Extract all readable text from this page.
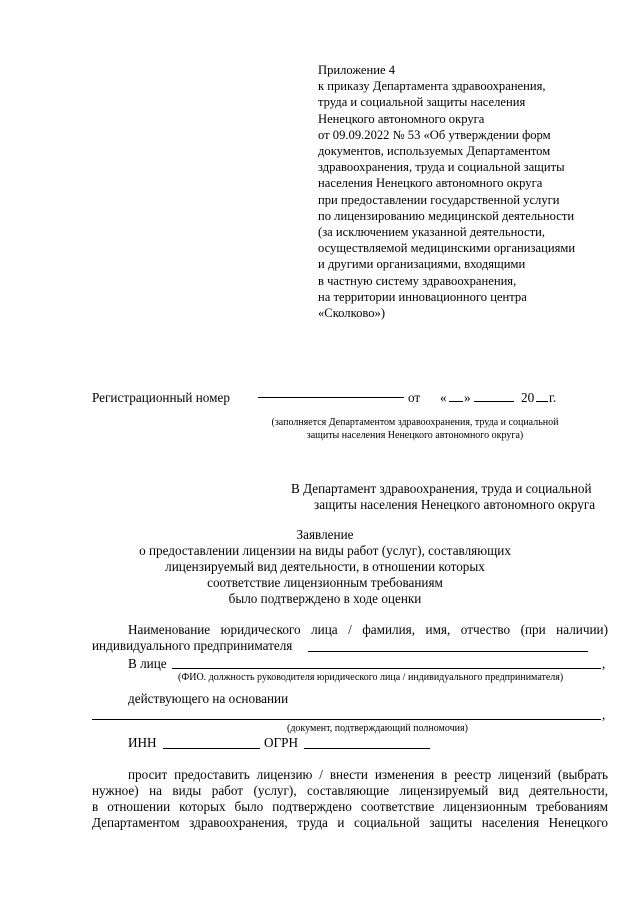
Приложение 4
к приказу Департамента здравоохранения,
труда и социальной защиты населения
Ненецкого автономного округа
от 09.09.2022 № 53 «Об утверждении форм
документов, используемых Департаментом
здравоохранения, труда и социальной защиты
населения Ненецкого автономного округа
при предоставлении государственной услуги
по лицензированию медицинской деятельности
(за исключением указанной деятельности,
осуществляемой медицинскими организациями
и другими организациями, входящими
в частную систему здравоохранения,
на территории инновационного центра
«Сколково»)
Регистрационный номер	от « »	20 г.
(заполняется Департаментом здравоохранения, труда и социальной
защиты населения Ненецкого автономного округа)
В Департамент здравоохранения, труда и социальной
защиты населения Ненецкого автономного округа
Заявление
о предоставлении лицензии на виды работ (услуг), составляющих
лицензируемый вид деятельности, в отношении которых
соответствие лицензионным требованиям
было подтверждено в ходе оценки
Наименование юридического лица / фамилия, имя, отчество (при наличии)
индивидуального предпринимателя
В лице	,
(ФИО. должность руководителя юридического лица / индивидуального предпринимателя)
действующего на основании
,
(документ, подтверждающий полномочия)
ИНН	ОГРН
просит предоставить лицензию / внести изменения в реестр лицензий (выбрать
нужное) на виды работ (услуг), составляющие лицензируемый вид деятельности,
в отношении которых было подтверждено соответствие лицензионным требованиям
Департаментом здравоохранения, труда и социальной защиты населения Ненецкого
